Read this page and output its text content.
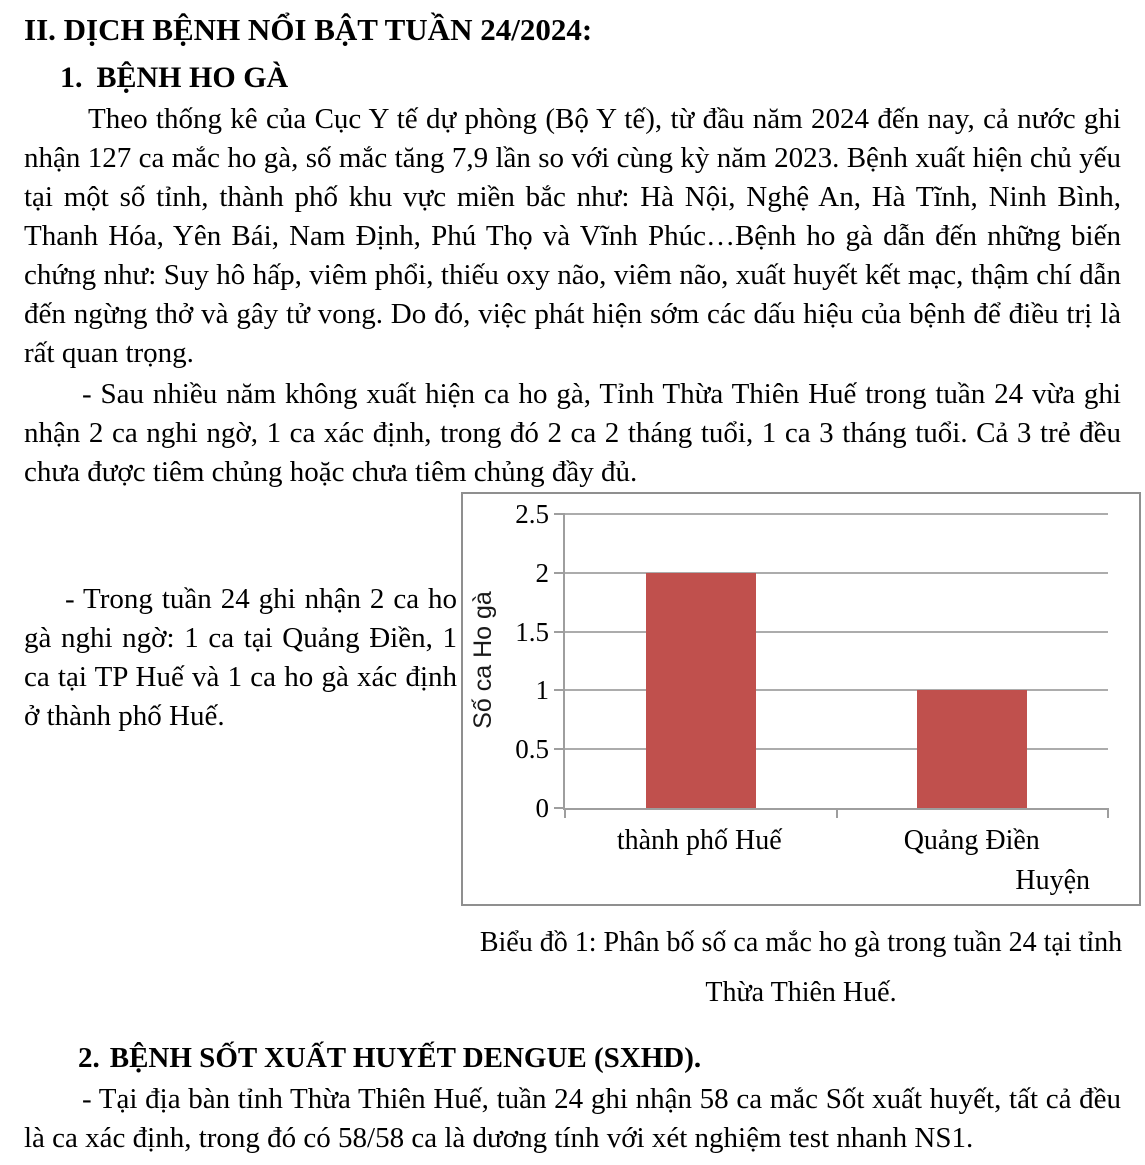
II. DỊCH BỆNH NỔI BẬT TUẦN 24/2024:
1. BỆNH HO GÀ

Theo thống kê của Cục Y tế dự phòng (Bộ Y tế), từ đầu năm 2024 đến nay, cả nước ghi nhận 127 ca mắc ho gà, số mắc tăng 7,9 lần so với cùng kỳ năm 2023. Bệnh xuất hiện chủ yếu tại một số tỉnh, thành phố khu vực miền bắc như: Hà Nội, Nghệ An, Hà Tĩnh, Ninh Bình, Thanh Hóa, Yên Bái, Nam Định, Phú Thọ và Vĩnh Phúc…Bệnh ho gà dẫn đến những biến chứng như: Suy hô hấp, viêm phổi, thiếu oxy não, viêm não, xuất huyết kết mạc, thậm chí dẫn đến ngừng thở và gây tử vong. Do đó, việc phát hiện sớm các dấu hiệu của bệnh để điều trị là rất quan trọng.

- Sau nhiều năm không xuất hiện ca ho gà, Tỉnh Thừa Thiên Huế trong tuần 24 vừa ghi nhận 2 ca nghi ngờ, 1 ca xác định, trong đó 2 ca 2 tháng tuổi, 1 ca 3 tháng tuổi. Cả 3 trẻ đều chưa được tiêm chủng hoặc chưa tiêm chủng đầy đủ.

- Trong tuần 24 ghi nhận 2 ca ho gà nghi ngờ: 1 ca tại Quảng Điền, 1 ca tại TP Huế và 1 ca ho gà xác định ở thành phố Huế.	Số ca Ho gà
0
0.5
1
1.5
2
2.5
thành phố Huế	Quảng Điền
Huyện

Biểu đồ 1: Phân bố số ca mắc ho gà trong tuần 24 tại tỉnh

Thừa Thiên Huế.

2. BỆNH SỐT XUẤT HUYẾT DENGUE (SXHD).

- Tại địa bàn tỉnh Thừa Thiên Huế, tuần 24 ghi nhận 58 ca mắc Sốt xuất huyết, tất cả đều là ca xác định, trong đó có 58/58 ca là dương tính với xét nghiệm test nhanh NS1.
